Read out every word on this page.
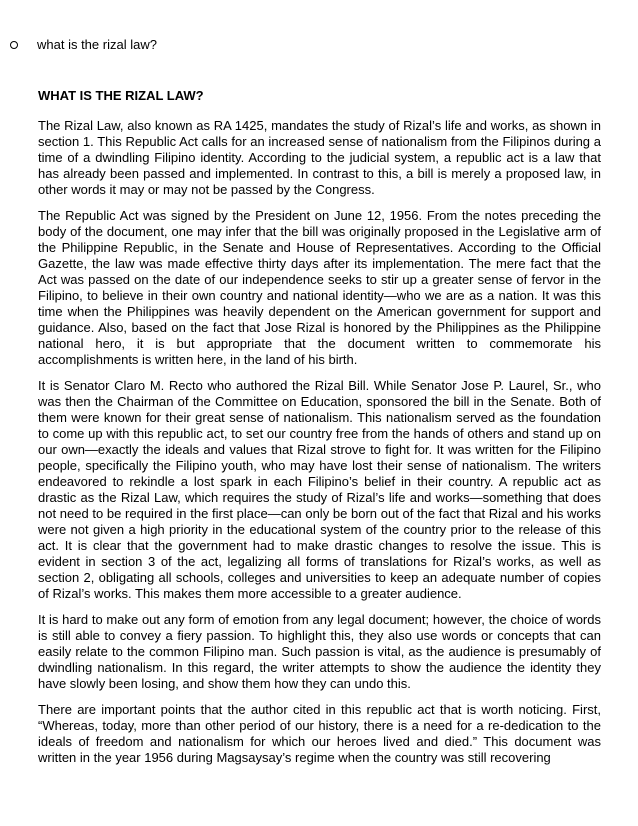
what is the rizal law?
WHAT IS THE RIZAL LAW?

The Rizal Law, also known as RA 1425, mandates the study of Rizal’s life and works, as shown in section 1. This Republic Act calls for an increased sense of nationalism from the Filipinos during a time of a dwindling Filipino identity. According to the judicial system, a republic act is a law that has already been passed and implemented. In contrast to this, a bill is merely a proposed law, in other words it may or may not be passed by the Congress.

The Republic Act was signed by the President on June 12, 1956. From the notes preceding the body of the document, one may infer that the bill was originally proposed in the Legislative arm of the Philippine Republic, in the Senate and House of Representatives. According to the Official Gazette, the law was made effective thirty days after its implementation. The mere fact that the Act was passed on the date of our independence seeks to stir up a greater sense of fervor in the Filipino, to believe in their own country and national identity—who we are as a nation. It was this time when the Philippines was heavily dependent on the American government for support and guidance. Also, based on the fact that Jose Rizal is honored by the Philippines as the Philippine national hero, it is but appropriate that the document written to commemorate his accomplishments is written here, in the land of his birth.

It is Senator Claro M. Recto who authored the Rizal Bill. While Senator Jose P. Laurel, Sr., who was then the Chairman of the Committee on Education, sponsored the bill in the Senate. Both of them were known for their great sense of nationalism. This nationalism served as the foundation to come up with this republic act, to set our country free from the hands of others and stand up on our own—exactly the ideals and values that Rizal strove to fight for. It was written for the Filipino people, specifically the Filipino youth, who may have lost their sense of nationalism. The writers endeavored to rekindle a lost spark in each Filipino’s belief in their country. A republic act as drastic as the Rizal Law, which requires the study of Rizal’s life and works—something that does not need to be required in the first place—can only be born out of the fact that Rizal and his works were not given a high priority in the educational system of the country prior to the release of this act. It is clear that the government had to make drastic changes to resolve the issue. This is evident in section 3 of the act, legalizing all forms of translations for Rizal’s works, as well as section 2, obligating all schools, colleges and universities to keep an adequate number of copies of Rizal’s works. This makes them more accessible to a greater audience.

It is hard to make out any form of emotion from any legal document; however, the choice of words is still able to convey a fiery passion. To highlight this, they also use words or concepts that can easily relate to the common Filipino man. Such passion is vital, as the audience is presumably of dwindling nationalism. In this regard, the writer attempts to show the audience the identity they have slowly been losing, and show them how they can undo this.

There are important points that the author cited in this republic act that is worth noticing. First, “Whereas, today, more than other period of our history, there is a need for a re-dedication to the ideals of freedom and nationalism for which our heroes lived and died.” This document was written in the year 1956 during Magsaysay’s regime when the country was still recovering
